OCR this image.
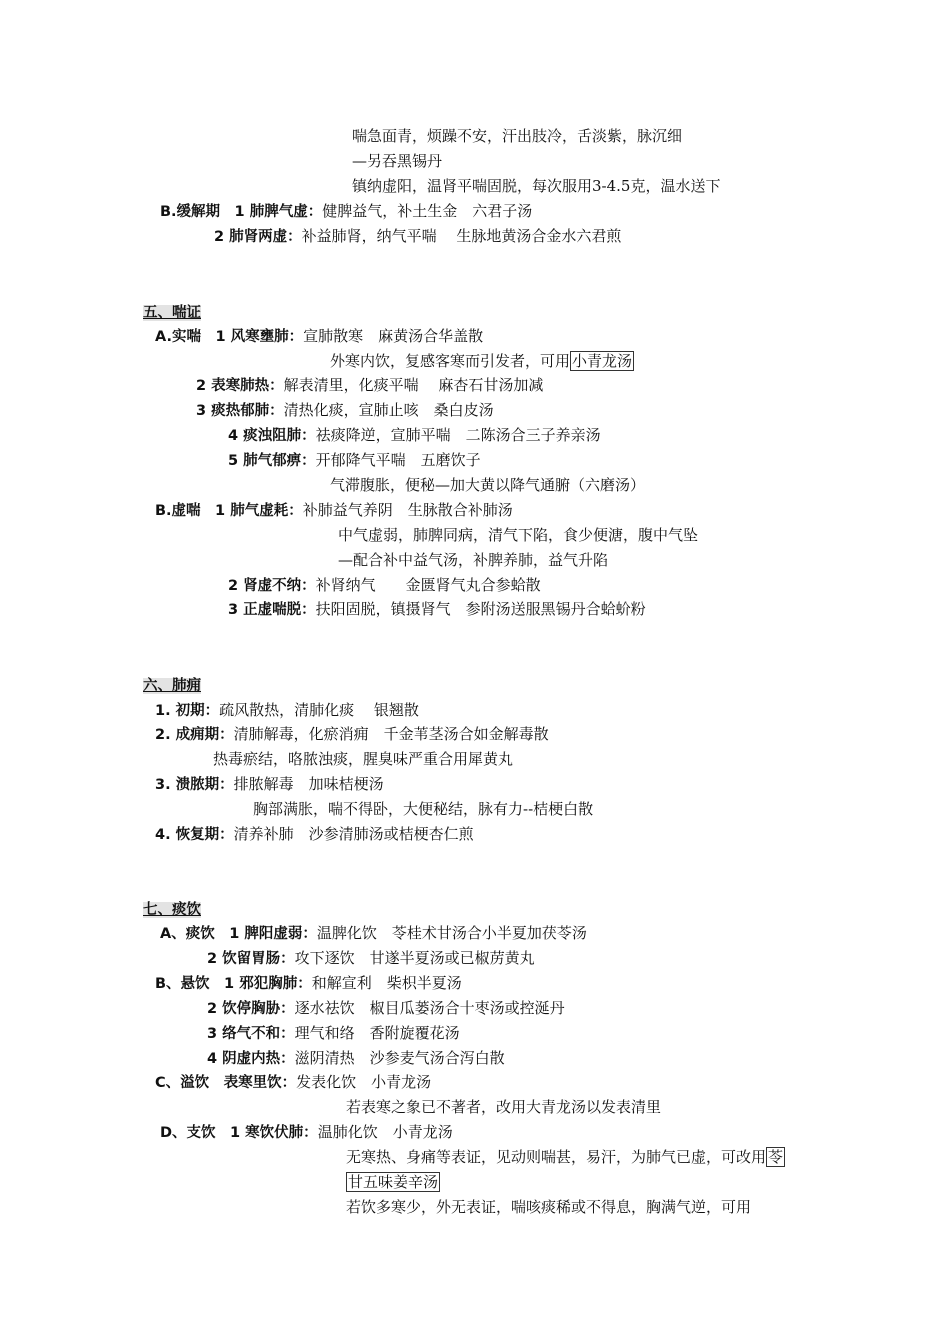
喘急面青，烦躁不安，汗出肢冷，舌淡紫，脉沉细
—另吞黑锡丹
镇纳虚阳，温肾平喘固脱，每次服用3-4.5克，温水送下
B.缓解期　1 肺脾气虚：健脾益气，补土生金　六君子汤
2 肺肾两虚：补益肺肾，纳气平喘　 生脉地黄汤合金水六君煎
五、喘证
A.实喘　1 风寒壅肺：宣肺散寒　麻黄汤合华盖散
外寒内饮，复感客寒而引发者，可用 小青龙汤
2 表寒肺热：解表清里，化痰平喘　 麻杏石甘汤加减
3 痰热郁肺：清热化痰，宣肺止咳　桑白皮汤
4 痰浊阻肺：祛痰降逆，宣肺平喘　二陈汤合三子养亲汤
5 肺气郁痹：开郁降气平喘　五磨饮子
气滞腹胀，便秘—加大黄以降气通腑（六磨汤）
B.虚喘　1 肺气虚耗：补肺益气养阴　生脉散合补肺汤
中气虚弱，肺脾同病，清气下陷，食少便溏，腹中气坠
—配合补中益气汤，补脾养肺，益气升陷
2 肾虚不纳：补肾纳气　　金匮肾气丸合参蛤散
3 正虚喘脱：扶阳固脱，镇摄肾气　参附汤送服黑锡丹合蛤蚧粉
六、肺痈
1. 初期：疏风散热，清肺化痰　 银翘散
2. 成痈期：清肺解毒，化瘀消痈　千金苇茎汤合如金解毒散
热毒瘀结，咯脓浊痰，腥臭味严重合用犀黄丸
3. 溃脓期：排脓解毒　加味桔梗汤
胸部满胀，喘不得卧，大便秘结，脉有力--桔梗白散
4. 恢复期：清养补肺　沙参清肺汤或桔梗杏仁煎
七、痰饮
A、痰饮　1 脾阳虚弱：温脾化饮　苓桂术甘汤合小半夏加茯苓汤
2 饮留胃肠：攻下逐饮　甘遂半夏汤或已椒苈黄丸
B、悬饮　1 邪犯胸肺：和解宣利　柴枳半夏汤
2 饮停胸胁：逐水祛饮　椒目瓜蒌汤合十枣汤或控涎丹
3 络气不和：理气和络　香附旋覆花汤
4 阴虚内热：滋阴清热　沙参麦气汤合泻白散
C、溢饮　表寒里饮：发表化饮　小青龙汤
若表寒之象已不著者，改用大青龙汤以发表清里
D、支饮　1 寒饮伏肺：温肺化饮　小青龙汤
无寒热、身痛等表证，见动则喘甚，易汗，为肺气已虚，可改用 苓
甘五味姜辛汤
若饮多寒少，外无表证，喘咳痰稀或不得息，胸满气逆，可用
